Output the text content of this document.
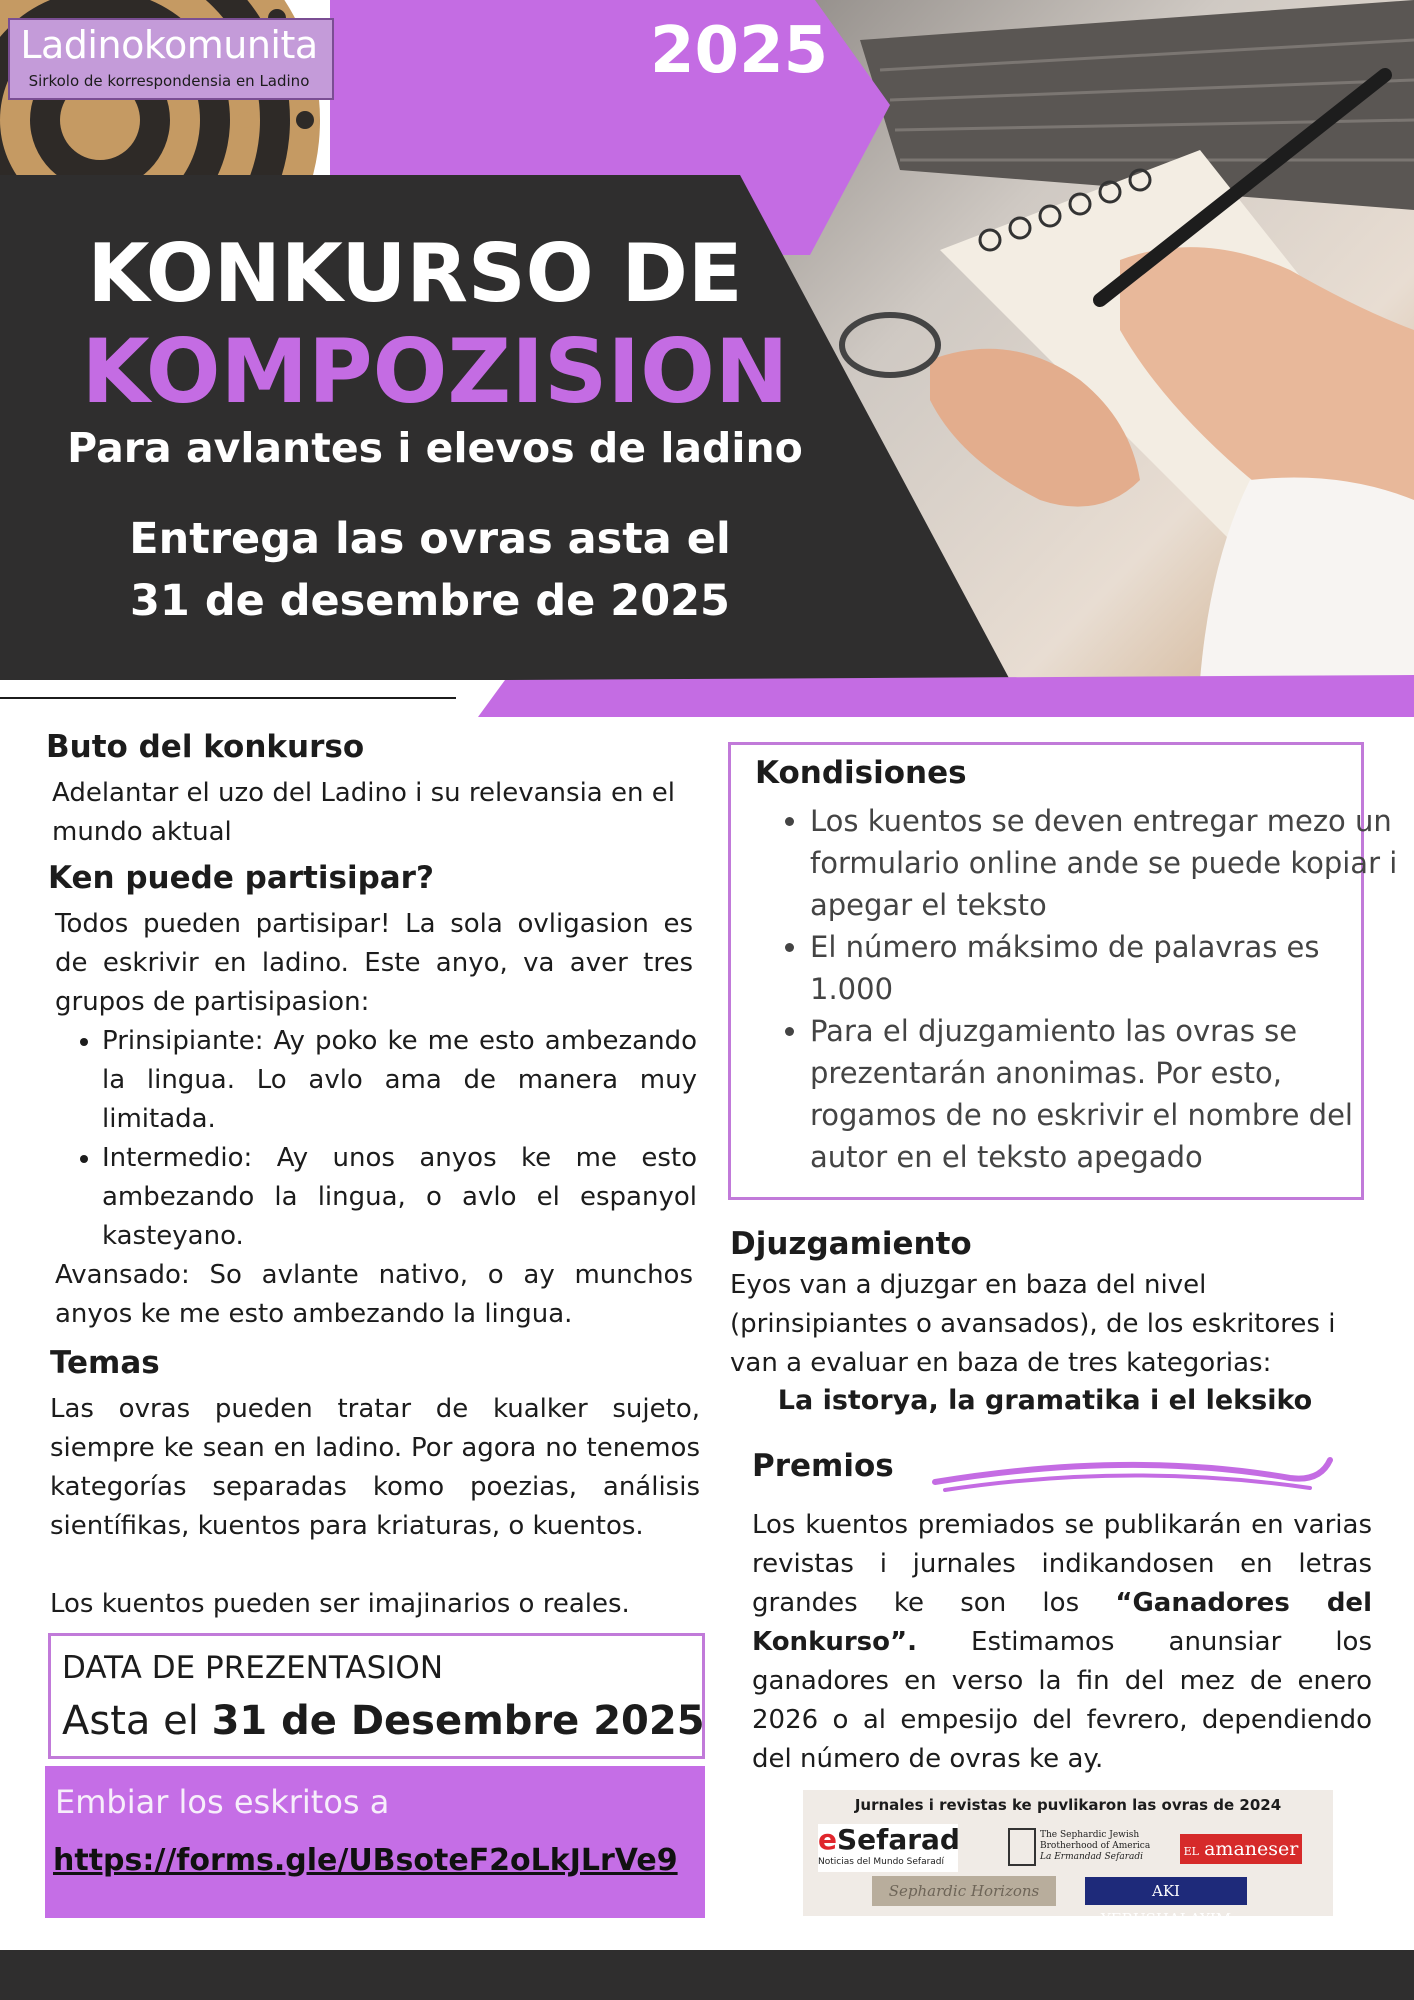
Ladinokomunita
Sirkolo de korrespondensia en Ladino	2025
KONKURSO DE
KOMPOZISION
Para avlantes i elevos de ladino
Entrega las ovras asta el
31 de desembre de 2025
Buto del konkurso
Adelantar el uzo del Ladino i su relevansia en el mundo aktual
Ken puede partisipar?
Todos pueden partisipar! La sola ovligasion es de eskrivir en ladino. Este anyo, va aver tres grupos de partisipasion:
• Prinsipiante: Ay poko ke me esto ambezando la lingua. Lo avlo ama de manera muy limitada.
• Intermedio: Ay unos anyos ke me esto ambezando la lingua, o avlo el espanyol kasteyano.
Avansado: So avlante nativo, o ay munchos anyos ke me esto ambezando la lingua.
Temas
Las ovras pueden tratar de kualker sujeto, siempre ke sean en ladino. Por agora no tenemos kategorías separadas komo poezias, análisis sientífikas, kuentos para kriaturas, o kuentos.
Los kuentos pueden ser imajinarios o reales.
DATA DE PREZENTASION
Asta el 31 de Desembre 2025
Embiar los eskritos a
https://forms.gle/UBsoteF2oLkJLrVe9
Kondisiones
• Los kuentos se deven entregar mezo un formulario online ande se puede kopiar i apegar el teksto
• El número máksimo de palavras es 1.000
• Para el djuzgamiento las ovras se prezentarán anonimas. Por esto, rogamos de no eskrivir el nombre del autor en el teksto apegado
Djuzgamiento
Eyos van a djuzgar en baza del nivel (prinsipiantes o avansados), de los eskritores i van a evaluar en baza de tres kategorias:
La istorya, la gramatika i el leksiko
Premios
Los kuentos premiados se publikarán en varias revistas i jurnales indikandosen en letras grandes ke son los “Ganadores del Konkurso”. Estimamos anunsiar los ganadores en verso la fin del mez de enero 2026 o al empesijo del fevrero, dependiendo del número de ovras ke ay.
Jurnales i revistas ke puvlikaron las ovras de 2024
eSefarad
Noticias del Mundo Sefaradí
The Sephardic Jewish
Brotherhood of America
La Ermandad Sefaradi	EL amaneser
Sephardic Horizons	AKI YERUSHALAYIM
